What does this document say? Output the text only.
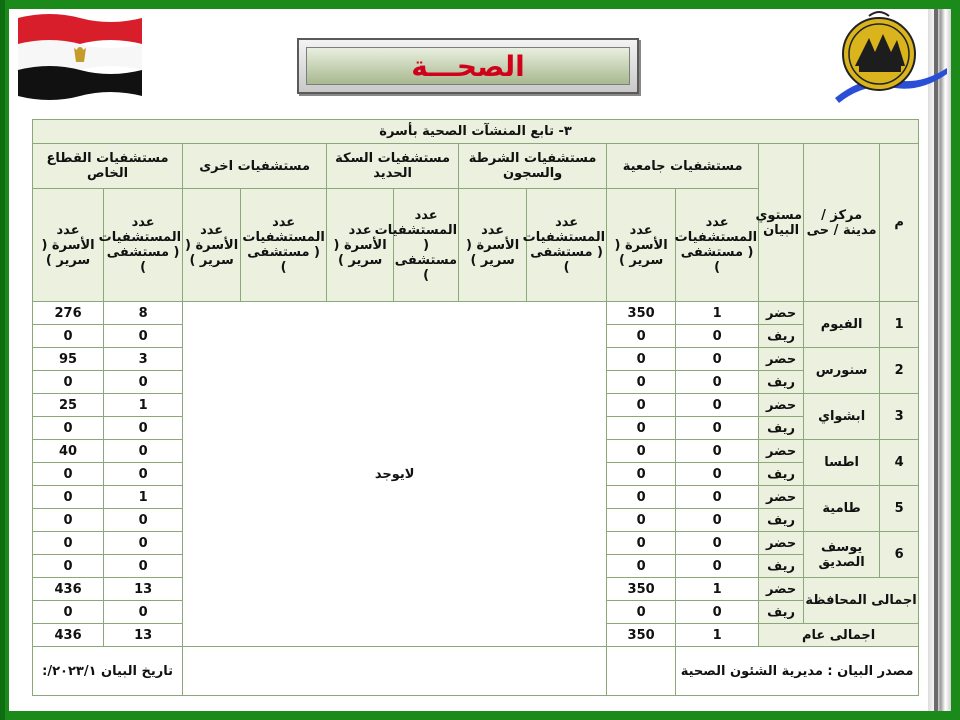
الصحـــة
٣- تابع المنشآت الصحية بأسرة												
م	مركز / مدينة / حى	مستوي البيان	مستشفيات جامعية		مستشفيات الشرطة والسجون		مستشفيات السكة الحديد		مستشفيات اخرى		مستشفيات القطاع الخاص	
			عدد المستشفيات ( مستشفى )	عدد الأسرة ( سرير )	عدد المستشفيات ( مستشفى )	عدد الأسرة ( سرير )	عدد المستشفيات ( مستشفى )	عدد الأسرة ( سرير )	عدد المستشفيات ( مستشفى )	عدد الأسرة ( سرير )	عدد المستشفيات ( مستشفى )	عدد الأسرة ( سرير )
1	الفيوم	حضر	1	350	لايوجد						8	276
		ريف	0	0							0	0
2	سنورس	حضر	0	0							3	95
		ريف	0	0							0	0
3	ابشواي	حضر	0	0							1	25
		ريف	0	0							0	0
4	اطسا	حضر	0	0							0	40
		ريف	0	0							0	0
5	طامية	حضر	0	0							1	0
		ريف	0	0							0	0
6	يوسف الصديق	حضر	0	0							0	0
		ريف	0	0							0	0
اجمالى المحافظة		حضر	1	350							13	436
		ريف	0	0							0	0
اجمالى عام			1	350							13	436
مصدر البيان : مديرية الشئون الصحية											تاريخ البيان ٢٠٢٣/١/:	
